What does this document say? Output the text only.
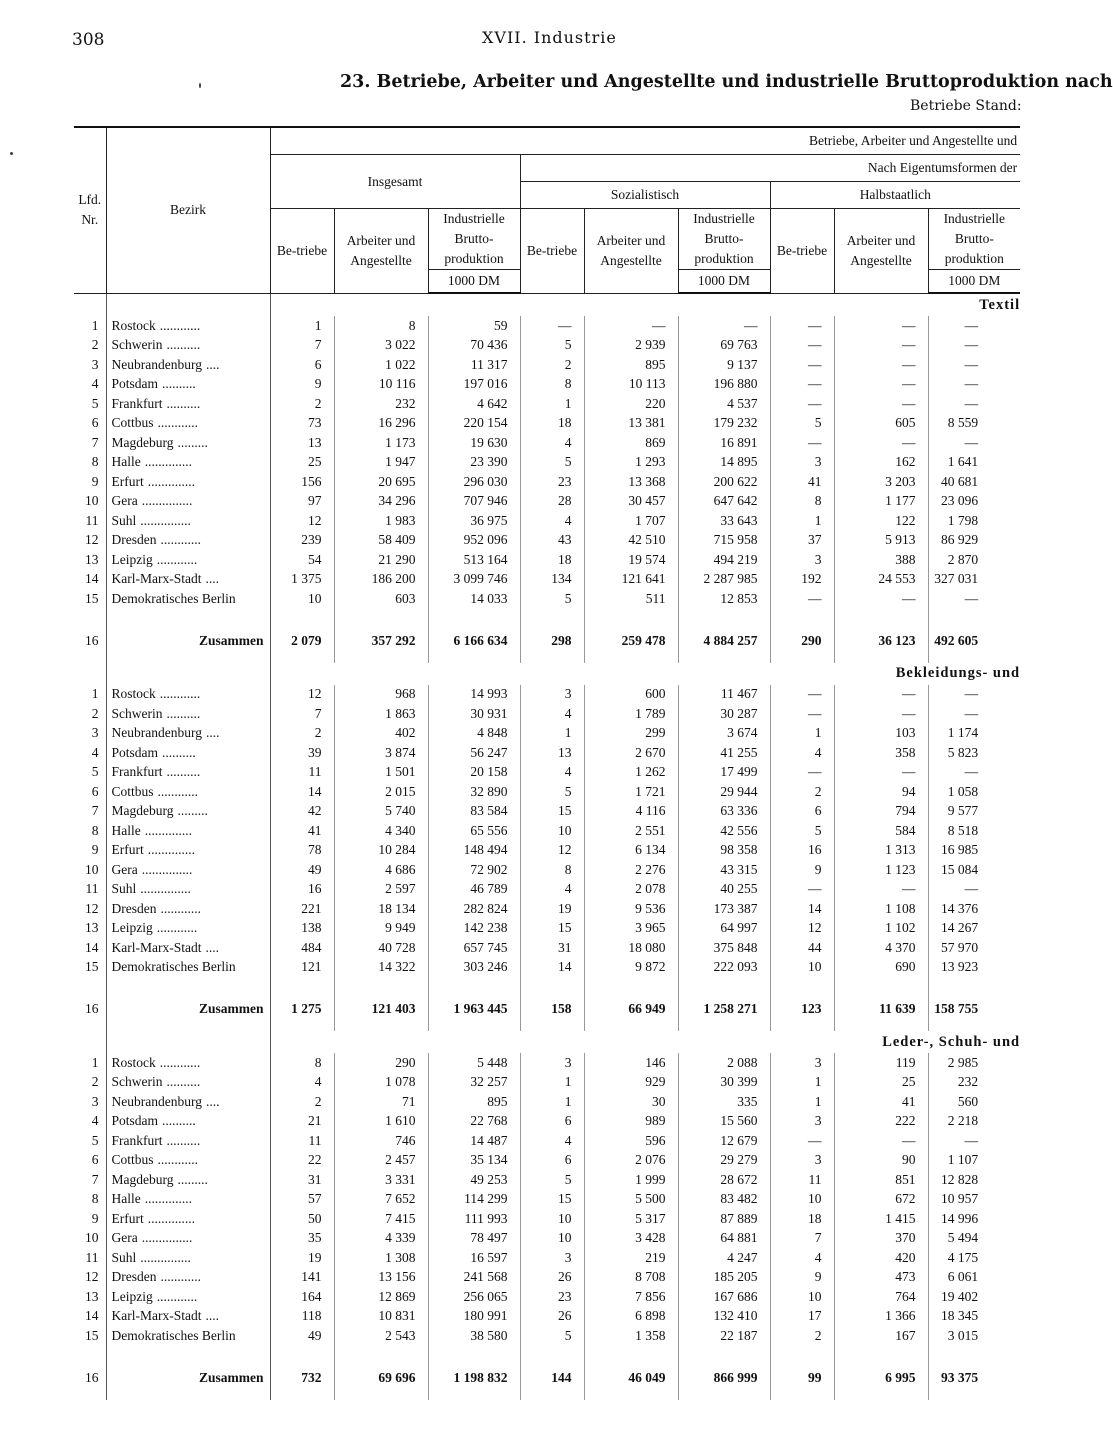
308	XVII. Industrie
23. Betriebe, Arbeiter und Angestellte und industrielle Bruttoproduktion nach
Betriebe Stand:
Lfd. Nr.	Bezirk	Betriebe, Arbeiter und Angestellte und								
		Insgesamt			Nach Eigentumsformen der					
					Sozialistisch			Halbstaatlich		
		Be-triebe	Arbeiter und Angestellte	Industrielle Brutto-produktion	Be-triebe	Arbeiter und Angestellte	Industrielle Brutto-produktion	Be-triebe	Arbeiter und Angestellte	Industrielle Brutto-produktion
				1000 DM			1000 DM			1000 DM
		Textil								
1	Rostock ............	1	8	59	—	—	—	—	—	—
2	Schwerin ..........	7	3 022	70 436	5	2 939	69 763	—	—	—
3	Neubrandenburg ....	6	1 022	11 317	2	895	9 137	—	—	—
4	Potsdam ..........	9	10 116	197 016	8	10 113	196 880	—	—	—
5	Frankfurt ..........	2	232	4 642	1	220	4 537	—	—	—
6	Cottbus ............	73	16 296	220 154	18	13 381	179 232	5	605	8 559
7	Magdeburg .........	13	1 173	19 630	4	869	16 891	—	—	—
8	Halle ..............	25	1 947	23 390	5	1 293	14 895	3	162	1 641
9	Erfurt ..............	156	20 695	296 030	23	13 368	200 622	41	3 203	40 681
10	Gera ...............	97	34 296	707 946	28	30 457	647 642	8	1 177	23 096
11	Suhl ...............	12	1 983	36 975	4	1 707	33 643	1	122	1 798
12	Dresden ............	239	58 409	952 096	43	42 510	715 958	37	5 913	86 929
13	Leipzig ............	54	21 290	513 164	18	19 574	494 219	3	388	2 870
14	Karl-Marx-Stadt ....	1 375	186 200	3 099 746	134	121 641	2 287 985	192	24 553	327 031
15	Demokratisches Berlin	10	603	14 033	5	511	12 853	—	—	—

16	Zusammen	2 079	357 292	6 166 634	298	259 478	4 884 257	290	36 123	492 605
		Bekleidungs- und								
1	Rostock ............	12	968	14 993	3	600	11 467	—	—	—
2	Schwerin ..........	7	1 863	30 931	4	1 789	30 287	—	—	—
3	Neubrandenburg ....	2	402	4 848	1	299	3 674	1	103	1 174
4	Potsdam ..........	39	3 874	56 247	13	2 670	41 255	4	358	5 823
5	Frankfurt ..........	11	1 501	20 158	4	1 262	17 499	—	—	—
6	Cottbus ............	14	2 015	32 890	5	1 721	29 944	2	94	1 058
7	Magdeburg .........	42	5 740	83 584	15	4 116	63 336	6	794	9 577
8	Halle ..............	41	4 340	65 556	10	2 551	42 556	5	584	8 518
9	Erfurt ..............	78	10 284	148 494	12	6 134	98 358	16	1 313	16 985
10	Gera ...............	49	4 686	72 902	8	2 276	43 315	9	1 123	15 084
11	Suhl ...............	16	2 597	46 789	4	2 078	40 255	—	—	—
12	Dresden ............	221	18 134	282 824	19	9 536	173 387	14	1 108	14 376
13	Leipzig ............	138	9 949	142 238	15	3 965	64 997	12	1 102	14 267
14	Karl-Marx-Stadt ....	484	40 728	657 745	31	18 080	375 848	44	4 370	57 970
15	Demokratisches Berlin	121	14 322	303 246	14	9 872	222 093	10	690	13 923

16	Zusammen	1 275	121 403	1 963 445	158	66 949	1 258 271	123	11 639	158 755
		Leder-, Schuh- und								
1	Rostock ............	8	290	5 448	3	146	2 088	3	119	2 985
2	Schwerin ..........	4	1 078	32 257	1	929	30 399	1	25	232
3	Neubrandenburg ....	2	71	895	1	30	335	1	41	560
4	Potsdam ..........	21	1 610	22 768	6	989	15 560	3	222	2 218
5	Frankfurt ..........	11	746	14 487	4	596	12 679	—	—	—
6	Cottbus ............	22	2 457	35 134	6	2 076	29 279	3	90	1 107
7	Magdeburg .........	31	3 331	49 253	5	1 999	28 672	11	851	12 828
8	Halle ..............	57	7 652	114 299	15	5 500	83 482	10	672	10 957
9	Erfurt ..............	50	7 415	111 993	10	5 317	87 889	18	1 415	14 996
10	Gera ...............	35	4 339	78 497	10	3 428	64 881	7	370	5 494
11	Suhl ...............	19	1 308	16 597	3	219	4 247	4	420	4 175
12	Dresden ............	141	13 156	241 568	26	8 708	185 205	9	473	6 061
13	Leipzig ............	164	12 869	256 065	23	7 856	167 686	10	764	19 402
14	Karl-Marx-Stadt ....	118	10 831	180 991	26	6 898	132 410	17	1 366	18 345
15	Demokratisches Berlin	49	2 543	38 580	5	1 358	22 187	2	167	3 015

16	Zusammen	732	69 696	1 198 832	144	46 049	866 999	99	6 995	93 375
